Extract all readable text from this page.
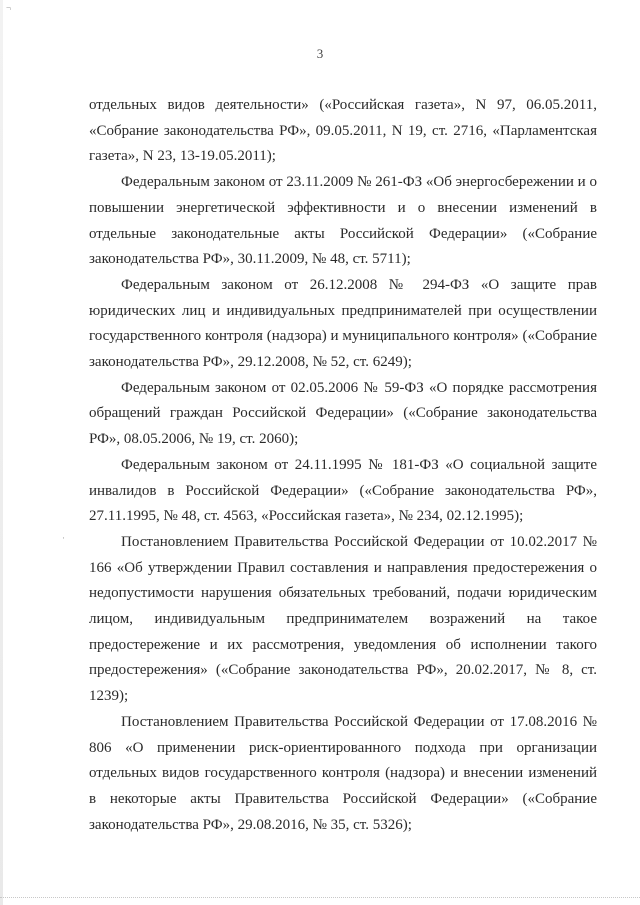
¬
·
3

отдельных видов деятельности» («Российская газета», N 97, 06.05.2011, «Собрание законодательства РФ», 09.05.2011, N 19, ст. 2716, «Парламентская газета», N 23, 13-19.05.2011);

Федеральным законом от 23.11.2009 № 261-ФЗ «Об энергосбережении и о повышении энергетической эффективности и о внесении изменений в отдельные законодательные акты Российской Федерации» («Собрание законодательства РФ», 30.11.2009, № 48, ст. 5711);

Федеральным законом от 26.12.2008 № 294-ФЗ «О защите прав юридических лиц и индивидуальных предпринимателей при осуществлении государственного контроля (надзора) и муниципального контроля» («Собрание законодательства РФ», 29.12.2008, № 52, ст. 6249);

Федеральным законом от 02.05.2006 № 59-ФЗ «О порядке рассмотрения обращений граждан Российской Федерации» («Собрание законодательства РФ», 08.05.2006, № 19, ст. 2060);

Федеральным законом от 24.11.1995 № 181-ФЗ «О социальной защите инвалидов в Российской Федерации» («Собрание законодательства РФ», 27.11.1995, № 48, ст. 4563, «Российская газета», № 234, 02.12.1995);

Постановлением Правительства Российской Федерации от 10.02.2017 № 166 «Об утверждении Правил составления и направления предостережения о недопустимости нарушения обязательных требований, подачи юридическим лицом, индивидуальным предпринимателем возражений на такое предостережение и их рассмотрения, уведомления об исполнении такого предостережения» («Собрание законодательства РФ», 20.02.2017, № 8, ст. 1239);

Постановлением Правительства Российской Федерации от 17.08.2016 № 806 «О применении риск-ориентированного подхода при организации отдельных видов государственного контроля (надзора) и внесении изменений в некоторые акты Правительства Российской Федерации» («Собрание законодательства РФ», 29.08.2016, № 35, ст. 5326);
